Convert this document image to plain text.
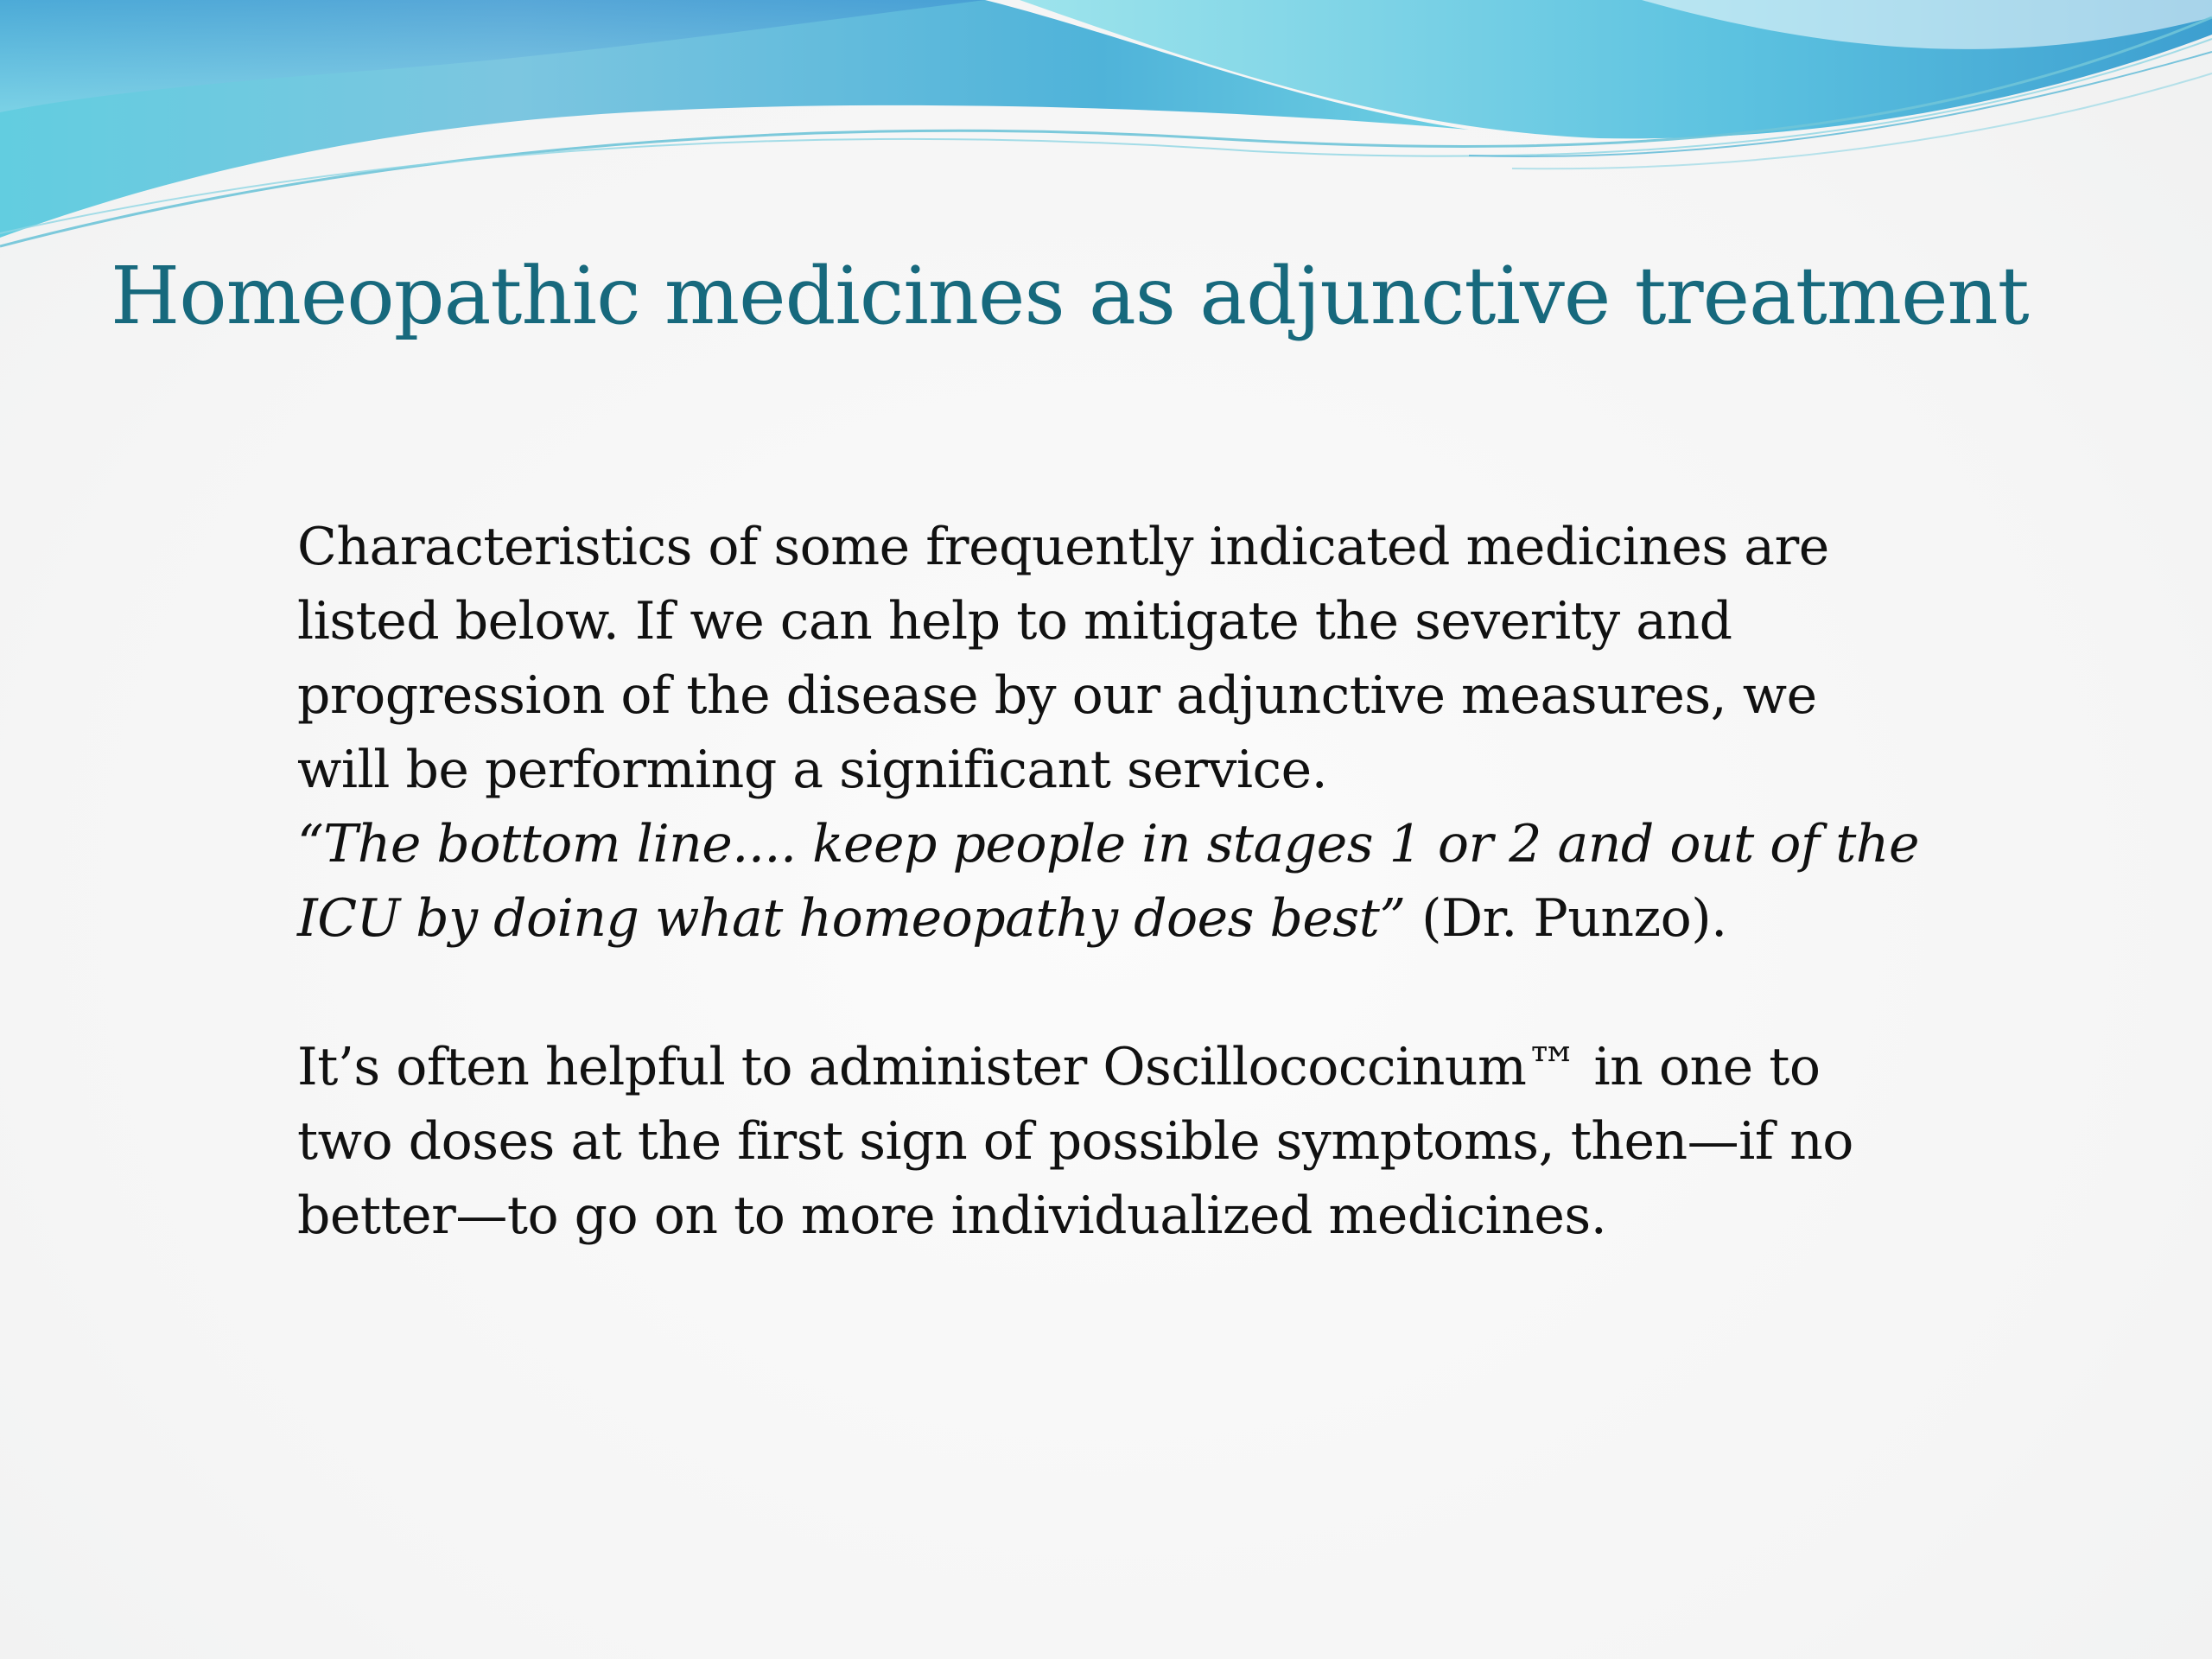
Homeopathic medicines as adjunctive treatment

Characteristics of some frequently indicated medicines are listed below. If we can help to mitigate the severity and progression of the disease by our adjunctive measures, we will be performing a significant service.
“The bottom line.... keep people in stages 1 or 2 and out of the ICU by doing what homeopathy does best” (Dr. Punzo).

It’s often helpful to administer Oscillococcinum™ in one to two doses at the first sign of possible symptoms, then—if no better—to go on to more individualized medicines.
